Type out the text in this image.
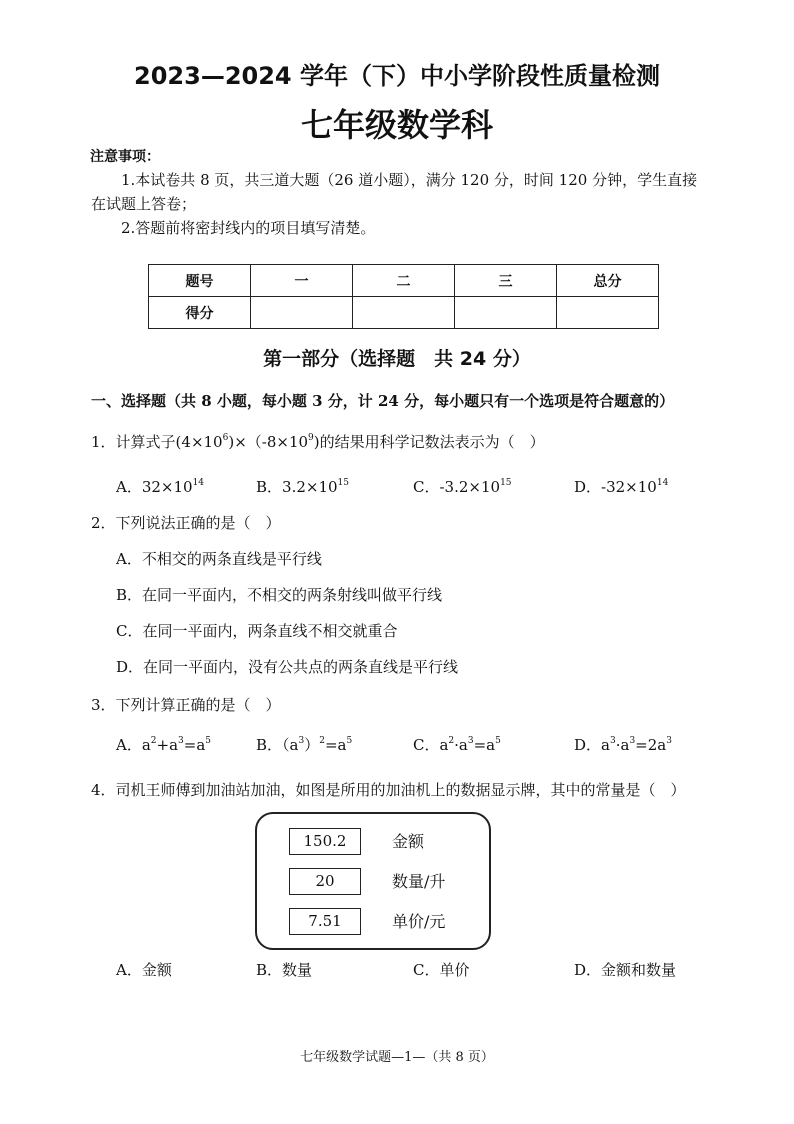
2023—2024 学年（下）中小学阶段性质量检测
七年级数学科
注意事项：
1.本试卷共 8 页，共三道大题（26 道小题），满分 120 分，时间 120 分钟，学生直接
在试题上答卷；
2.答题前将密封线内的项目填写清楚。
题号	一	二	三	总分
得分				
第一部分（选择题　共 24 分）
一、选择题（共 8 小题，每小题 3 分，计 24 分，每小题只有一个选项是符合题意的）
1．计算式子$(4\times 10^6)\times(-8\times 10^9)$的结果用科学记数法表示为（　）
A．$32\times 10^{14}$	B．$3.2\times 10^{15}$	C．$-3.2\times 10^{15}$	D．$-32\times 10^{14}$
2．下列说法正确的是（　）
A．不相交的两条直线是平行线
B．在同一平面内，不相交的两条射线叫做平行线
C．在同一平面内，两条直线不相交就重合
D．在同一平面内，没有公共点的两条直线是平行线
3．下列计算正确的是（　）
A．$a^2+a^3=a^5$	B．$(a^3)^2=a^5$	C．$a^2\cdot a^3=a^5$	D．$a^3\cdot a^3=2a^3$
4．司机王师傅到加油站加油，如图是所用的加油机上的数据显示牌，其中的常量是（　）
150.2	金额
20	数量/升
7.51	单价/元
A．金额	B．数量	C．单价	D．金额和数量
七年级数学试题—1—（共 8 页）
